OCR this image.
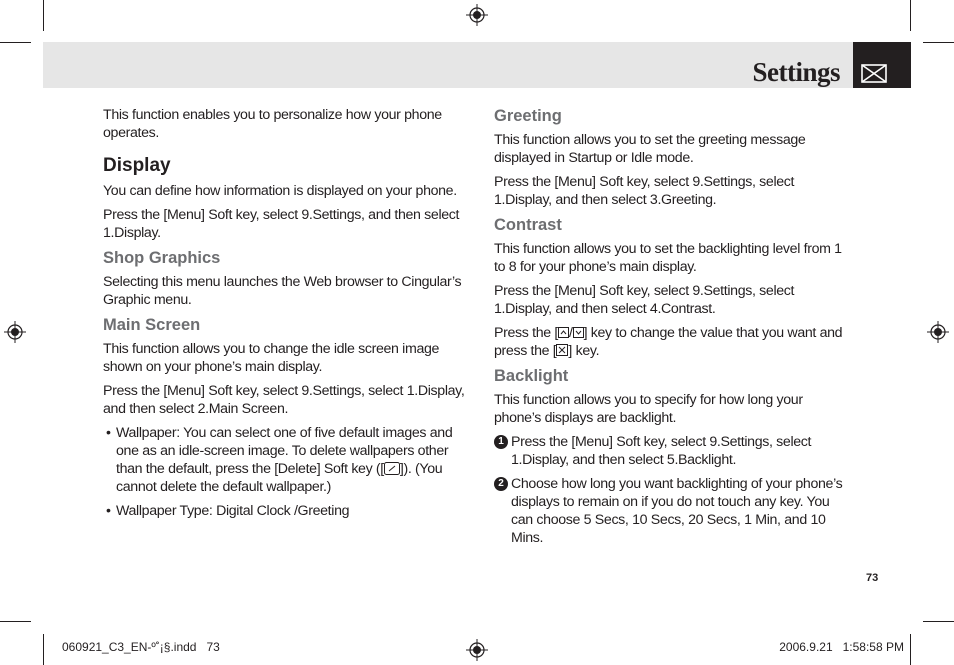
Settings

This function enables you to personalize how your phone operates.

Display

You can define how information is displayed on your phone.

Press the [Menu] Soft key, select 9.Settings, and then select 1.Display.

Shop Graphics

Selecting this menu launches the Web browser to Cingular’s Graphic menu.

Main Screen

This function allows you to change the idle screen image shown on your phone’s main display.

Press the [Menu] Soft key, select 9.Settings, select 1.Display, and then select 2.Main Screen.

• Wallpaper: You can select one of five default images and one as an idle-screen image. To delete wallpapers other than the default, press the [Delete] Soft key ([ ]). (You cannot delete the default wallpaper.)
• Wallpaper Type: Digital Clock /Greeting
Greeting

This function allows you to set the greeting message displayed in Startup or Idle mode.

Press the [Menu] Soft key, select 9.Settings, select 1.Display, and then select 3.Greeting.

Contrast

This function allows you to set the backlighting level from 1 to 8 for your phone’s main display.

Press the [Menu] Soft key, select 9.Settings, select 1.Display, and then select 4.Contrast.

Press the [ / ] key to change the value that you want and press the [ ] key.

Backlight

This function allows you to specify for how long your phone’s displays are backlight.

1 Press the [Menu] Soft key, select 9.Settings, select 1.Display, and then select 5.Backlight.
2 Choose how long you want backlighting of your phone’s displays to remain on if you do not touch any key. You can choose 5 Secs, 10 Secs, 20 Secs, 1 Min, and 10 Mins.
73
060921_C3_EN-º˚¡§.indd   73	2006.9.21   1:58:58 PM
